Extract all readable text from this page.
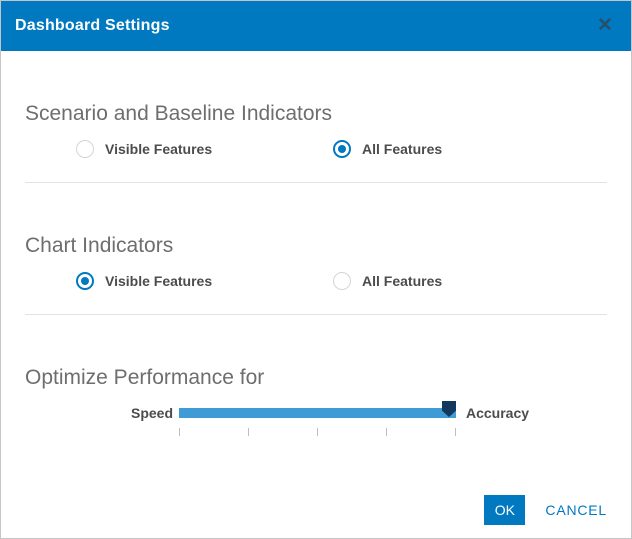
Dashboard Settings	✕
Scenario and Baseline Indicators
Visible Features	All Features
Chart Indicators
Visible Features	All Features
Optimize Performance for
Speed	Accuracy
OK	CANCEL
